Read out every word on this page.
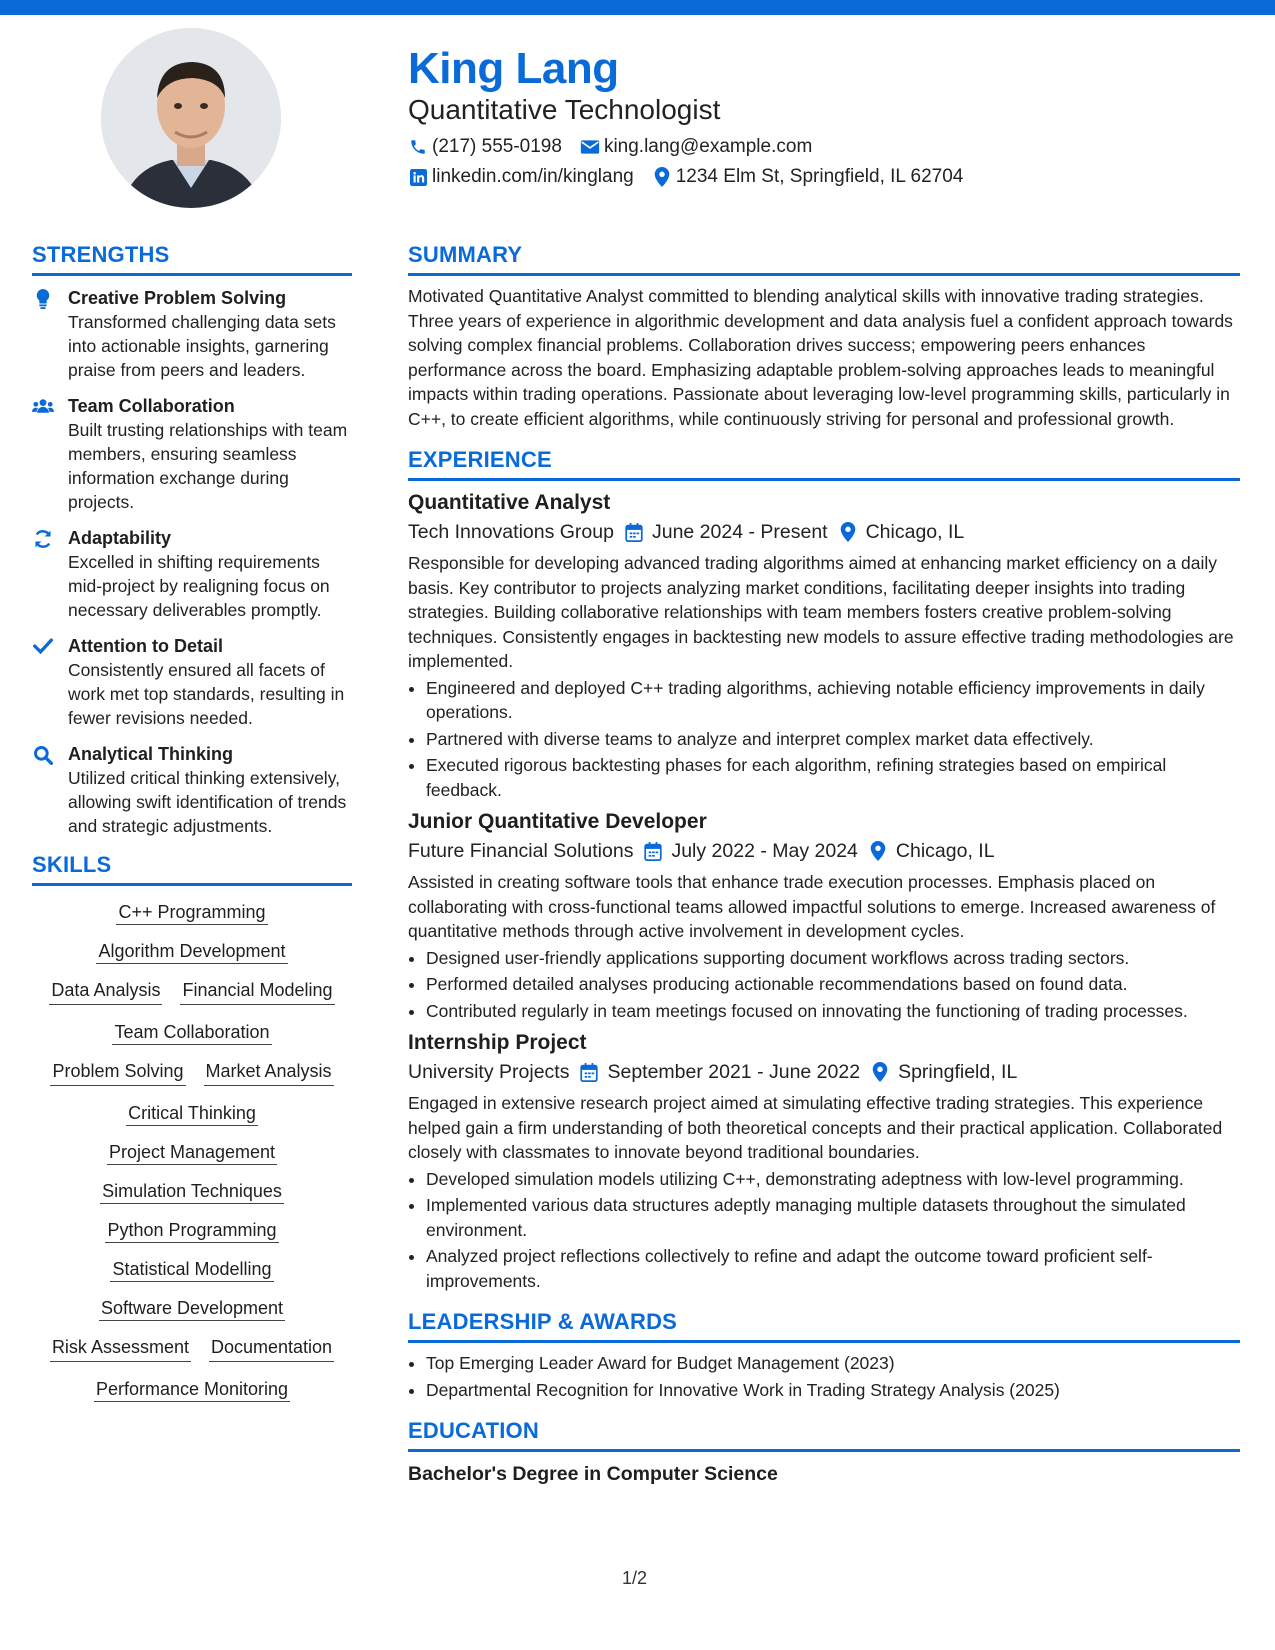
King Lang
Quantitative Technologist
(217) 555-0198 king.lang@example.com
linkedin.com/in/kinglang 1234 Elm St, Springfield, IL 62704
STRENGTHS
Creative Problem Solving
Transformed challenging data sets into actionable insights, garnering praise from peers and leaders.
Team Collaboration
Built trusting relationships with team members, ensuring seamless information exchange during projects.
Adaptability
Excelled in shifting requirements mid-project by realigning focus on necessary deliverables promptly.
Attention to Detail
Consistently ensured all facets of work met top standards, resulting in fewer revisions needed.
Analytical Thinking
Utilized critical thinking extensively, allowing swift identification of trends and strategic adjustments.
SKILLS
C++ Programming
Algorithm Development
Data Analysis Financial Modeling
Team Collaboration
Problem Solving Market Analysis
Critical Thinking
Project Management
Simulation Techniques
Python Programming
Statistical Modelling
Software Development
Risk Assessment Documentation
Performance Monitoring
SUMMARY

Motivated Quantitative Analyst committed to blending analytical skills with innovative trading strategies. Three years of experience in algorithmic development and data analysis fuel a confident approach towards solving complex financial problems. Collaboration drives success; empowering peers enhances performance across the board. Emphasizing adaptable problem-solving approaches leads to meaningful impacts within trading operations. Passionate about leveraging low-level programming skills, particularly in C++, to create efficient algorithms, while continuously striving for personal and professional growth.

EXPERIENCE
Quantitative Analyst
Tech Innovations Group June 2024 - Present Chicago, IL

Responsible for developing advanced trading algorithms aimed at enhancing market efficiency on a daily basis. Key contributor to projects analyzing market conditions, facilitating deeper insights into trading strategies. Building collaborative relationships with team members fosters creative problem-solving techniques. Consistently engages in backtesting new models to assure effective trading methodologies are implemented.

• Engineered and deployed C++ trading algorithms, achieving notable efficiency improvements in daily operations.
• Partnered with diverse teams to analyze and interpret complex market data effectively.
• Executed rigorous backtesting phases for each algorithm, refining strategies based on empirical feedback.
Junior Quantitative Developer
Future Financial Solutions July 2022 - May 2024 Chicago, IL

Assisted in creating software tools that enhance trade execution processes. Emphasis placed on collaborating with cross-functional teams allowed impactful solutions to emerge. Increased awareness of quantitative methods through active involvement in development cycles.

• Designed user-friendly applications supporting document workflows across trading sectors.
• Performed detailed analyses producing actionable recommendations based on found data.
• Contributed regularly in team meetings focused on innovating the functioning of trading processes.
Internship Project
University Projects September 2021 - June 2022 Springfield, IL

Engaged in extensive research project aimed at simulating effective trading strategies. This experience helped gain a firm understanding of both theoretical concepts and their practical application. Collaborated closely with classmates to innovate beyond traditional boundaries.

• Developed simulation models utilizing C++, demonstrating adeptness with low-level programming.
• Implemented various data structures adeptly managing multiple datasets throughout the simulated environment.
• Analyzed project reflections collectively to refine and adapt the outcome toward proficient self-improvements.
LEADERSHIP & AWARDS
• Top Emerging Leader Award for Budget Management (2023)
• Departmental Recognition for Innovative Work in Trading Strategy Analysis (2025)
EDUCATION
Bachelor's Degree in Computer Science
1/2
